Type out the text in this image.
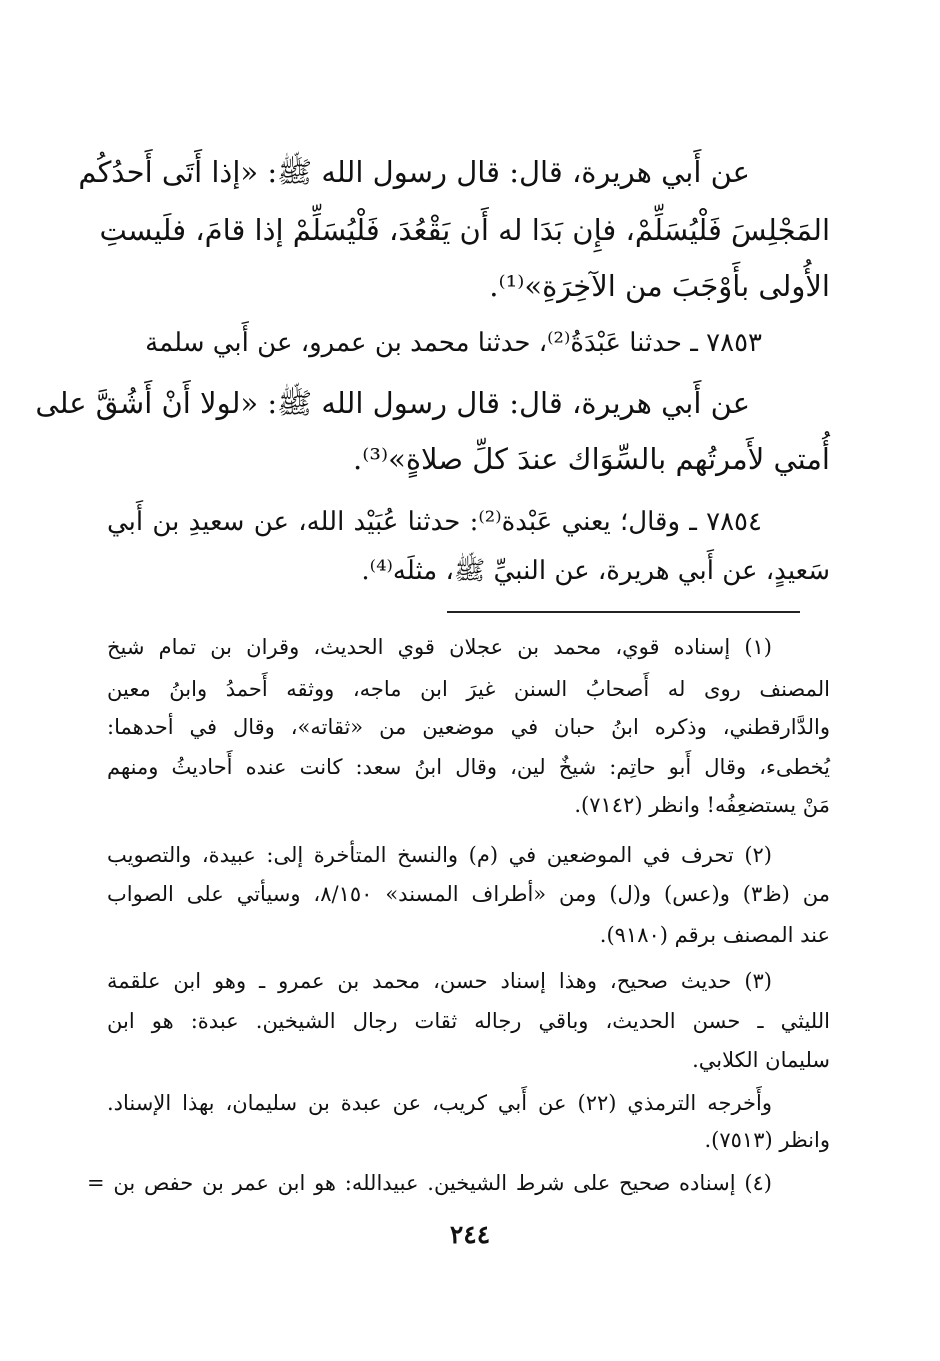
عن أَبي هريرة، قال: قال رسول الله ﷺ: «إذا أَتَى أَحدُكُم
المَجْلِسَ فَلْيُسَلِّمْ، فإِن بَدَا له أَن يَقْعُدَ، فَلْيُسَلِّمْ إذا قامَ، فلَيستِ
الأُولى بأَوْجَبَ من الآخِرَةِ»⁽¹⁾.
٧٨٥٣ ـ حدثنا عَبْدَةُ⁽²⁾، حدثنا محمد بن عمرو، عن أَبي سلمة
عن أَبي هريرة، قال: قال رسول الله ﷺ: «لولا أَنْ أَشُقَّ على
أُمتي لأَمرتُهم بالسِّوَاك عندَ كلِّ صلاةٍ»⁽³⁾.
٧٨٥٤ ـ وقال؛ يعني عَبْدة⁽²⁾: حدثنا عُبَيْد الله، عن سعيدِ بن أَبي
سَعيدٍ، عن أَبي هريرة، عن النبيِّ ﷺ، مثلَه⁽⁴⁾.
(١) إسناده قوي، محمد بن عجلان قوي الحديث، وقران بن تمام شيخ
المصنف روى له أَصحابُ السنن غيرَ ابن ماجه، ووثقه أَحمدُ وابنُ معين
والدَّارقطني، وذكره ابنُ حبان في موضعين من «ثقاته»، وقال في أحدهما:
يُخطىء، وقال أَبو حاتِم: شيخٌ لين، وقال ابنُ سعد: كانت عنده أَحاديثُ ومنهم
مَنْ يستضعِفُه! وانظر (٧١٤٢).
(٢) تحرف في الموضعين في (م) والنسخ المتأخرة إلى: عبيدة، والتصويب
من (ظ٣) و(عس) و(ل) ومن «أطراف المسند» ٨/١٥٠، وسيأتي على الصواب
عند المصنف برقم (٩١٨٠).
(٣) حديث صحيح، وهذا إسناد حسن، محمد بن عمرو ـ وهو ابن علقمة
الليثي ـ حسن الحديث، وباقي رجاله ثقات رجال الشيخين. عبدة: هو ابن
سليمان الكلابي.
وأَخرجه الترمذي (٢٢) عن أَبي كريب، عن عبدة بن سليمان، بهذا الإسناد.
وانظر (٧٥١٣).
(٤) إسناده صحيح على شرط الشيخين. عبيدالله: هو ابن عمر بن حفص بن =
٢٤٤
